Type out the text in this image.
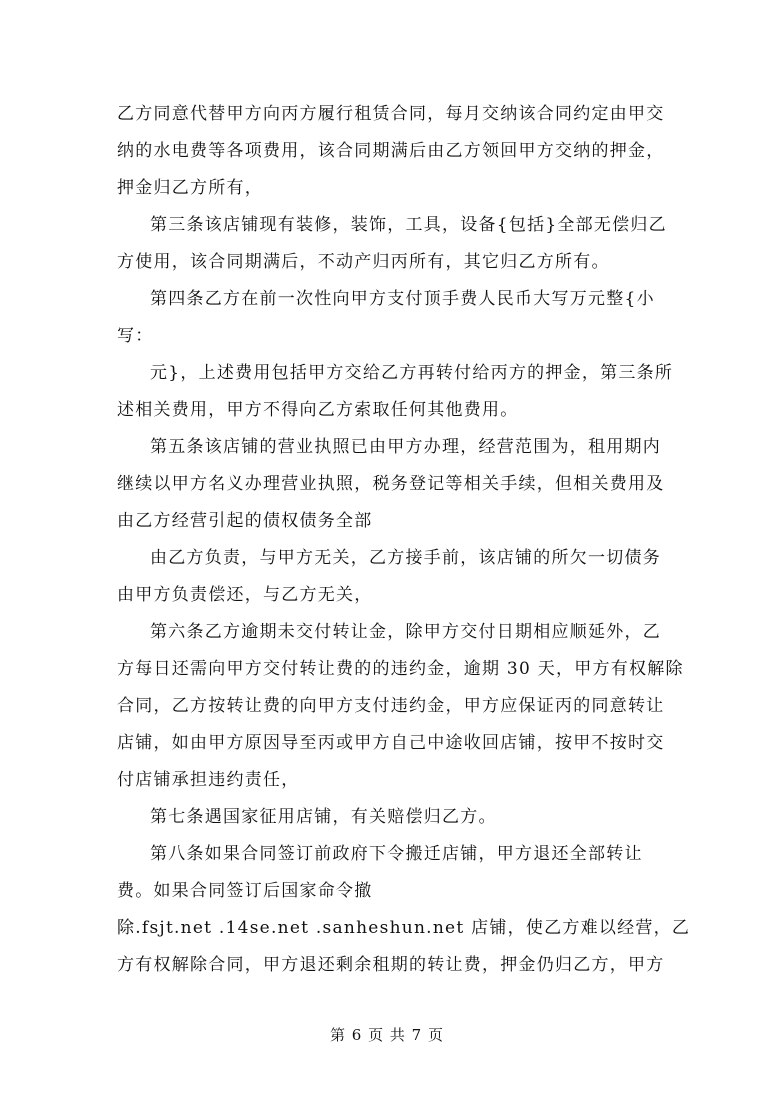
乙方同意代替甲方向丙方履行租赁合同，每月交纳该合同约定由甲交
纳的水电费等各项费用，该合同期满后由乙方领回甲方交纳的押金，
押金归乙方所有，
第三条该店铺现有装修，装饰，工具，设备{包括}全部无偿归乙
方使用，该合同期满后，不动产归丙所有，其它归乙方所有。
第四条乙方在前一次性向甲方支付顶手费人民币大写万元整{小
写：
元}，上述费用包括甲方交给乙方再转付给丙方的押金，第三条所
述相关费用，甲方不得向乙方索取任何其他费用。
第五条该店铺的营业执照已由甲方办理，经营范围为，租用期内
继续以甲方名义办理营业执照，税务登记等相关手续，但相关费用及
由乙方经营引起的债权债务全部
由乙方负责，与甲方无关，乙方接手前，该店铺的所欠一切债务
由甲方负责偿还，与乙方无关，
第六条乙方逾期未交付转让金，除甲方交付日期相应顺延外，乙
方每日还需向甲方交付转让费的的违约金，逾期 30 天，甲方有权解除
合同，乙方按转让费的向甲方支付违约金，甲方应保证丙的同意转让
店铺，如由甲方原因导至丙或甲方自己中途收回店铺，按甲不按时交
付店铺承担违约责任，
第七条遇国家征用店铺，有关赔偿归乙方。
第八条如果合同签订前政府下令搬迁店铺，甲方退还全部转让
费。如果合同签订后国家命令撤
除.fsjt.net .14se.net .sanheshun.net 店铺，使乙方难以经营，乙
方有权解除合同，甲方退还剩余租期的转让费，押金仍归乙方，甲方
第 6 页 共 7 页
